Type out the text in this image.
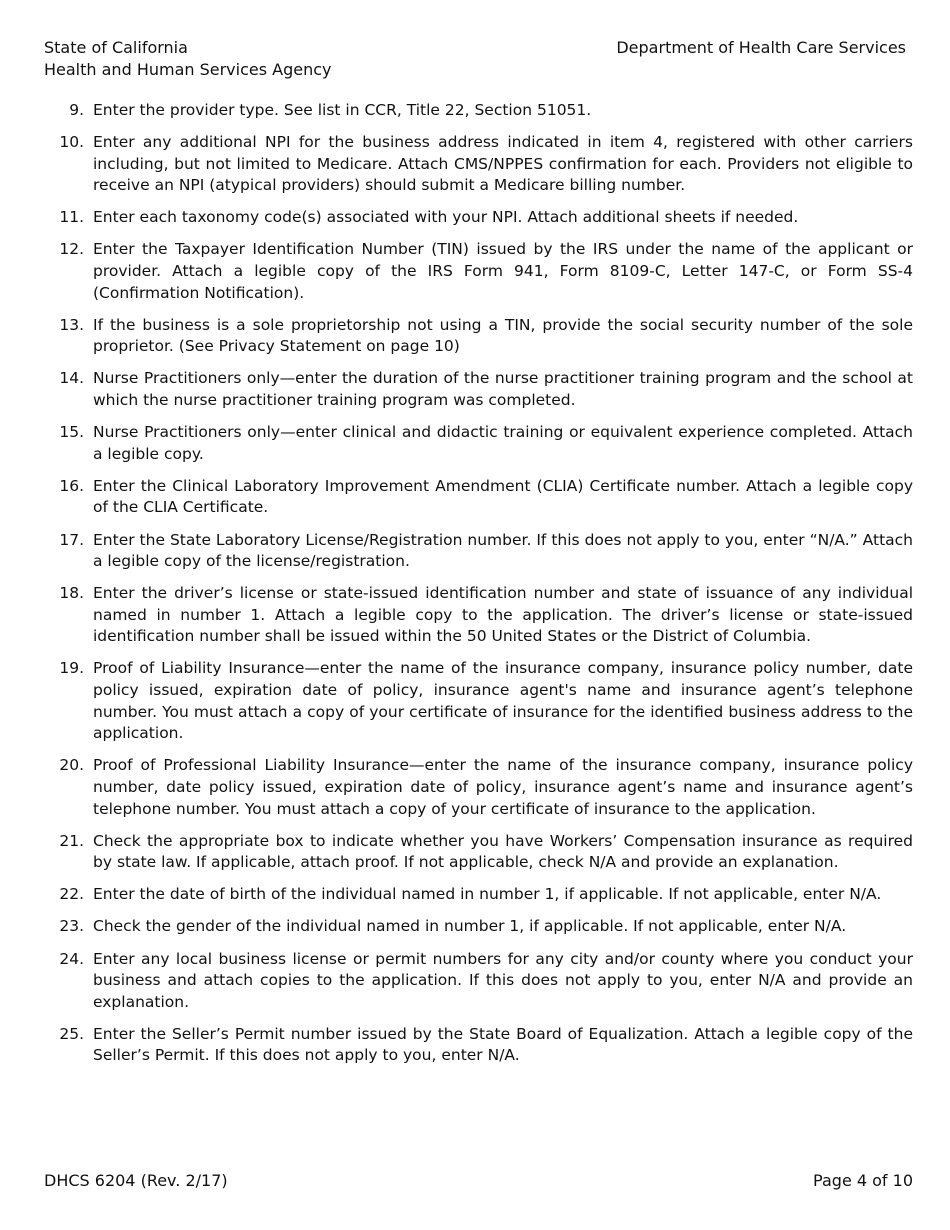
State of California
Health and Human Services Agency
Department of Health Care Services
9. Enter the provider type. See list in CCR, Title 22, Section 51051.
10. Enter any additional NPI for the business address indicated in item 4, registered with other carriers including, but not limited to Medicare. Attach CMS/NPPES confirmation for each. Providers not eligible to receive an NPI (atypical providers) should submit a Medicare billing number.
11. Enter each taxonomy code(s) associated with your NPI. Attach additional sheets if needed.
12. Enter the Taxpayer Identification Number (TIN) issued by the IRS under the name of the applicant or provider. Attach a legible copy of the IRS Form 941, Form 8109-C, Letter 147-C, or Form SS-4 (Confirmation Notification).
13. If the business is a sole proprietorship not using a TIN, provide the social security number of the sole proprietor. (See Privacy Statement on page 10)
14. Nurse Practitioners only—enter the duration of the nurse practitioner training program and the school at which the nurse practitioner training program was completed.
15. Nurse Practitioners only—enter clinical and didactic training or equivalent experience completed. Attach a legible copy.
16. Enter the Clinical Laboratory Improvement Amendment (CLIA) Certificate number. Attach a legible copy of the CLIA Certificate.
17. Enter the State Laboratory License/Registration number. If this does not apply to you, enter “N/A.” Attach a legible copy of the license/registration.
18. Enter the driver’s license or state-issued identification number and state of issuance of any individual named in number 1. Attach a legible copy to the application. The driver’s license or state-issued identification number shall be issued within the 50 United States or the District of Columbia.
19. Proof of Liability Insurance—enter the name of the insurance company, insurance policy number, date policy issued, expiration date of policy, insurance agent's name and insurance agent’s telephone number. You must attach a copy of your certificate of insurance for the identified business address to the application.
20. Proof of Professional Liability Insurance—enter the name of the insurance company, insurance policy number, date policy issued, expiration date of policy, insurance agent’s name and insurance agent’s telephone number. You must attach a copy of your certificate of insurance to the application.
21. Check the appropriate box to indicate whether you have Workers’ Compensation insurance as required by state law. If applicable, attach proof. If not applicable, check N/A and provide an explanation.
22. Enter the date of birth of the individual named in number 1, if applicable. If not applicable, enter N/A.
23. Check the gender of the individual named in number 1, if applicable. If not applicable, enter N/A.
24. Enter any local business license or permit numbers for any city and/or county where you conduct your business and attach copies to the application. If this does not apply to you, enter N/A and provide an explanation.
25. Enter the Seller’s Permit number issued by the State Board of Equalization. Attach a legible copy of the Seller’s Permit. If this does not apply to you, enter N/A.
DHCS 6204 (Rev. 2/17)	Page 4 of 10
